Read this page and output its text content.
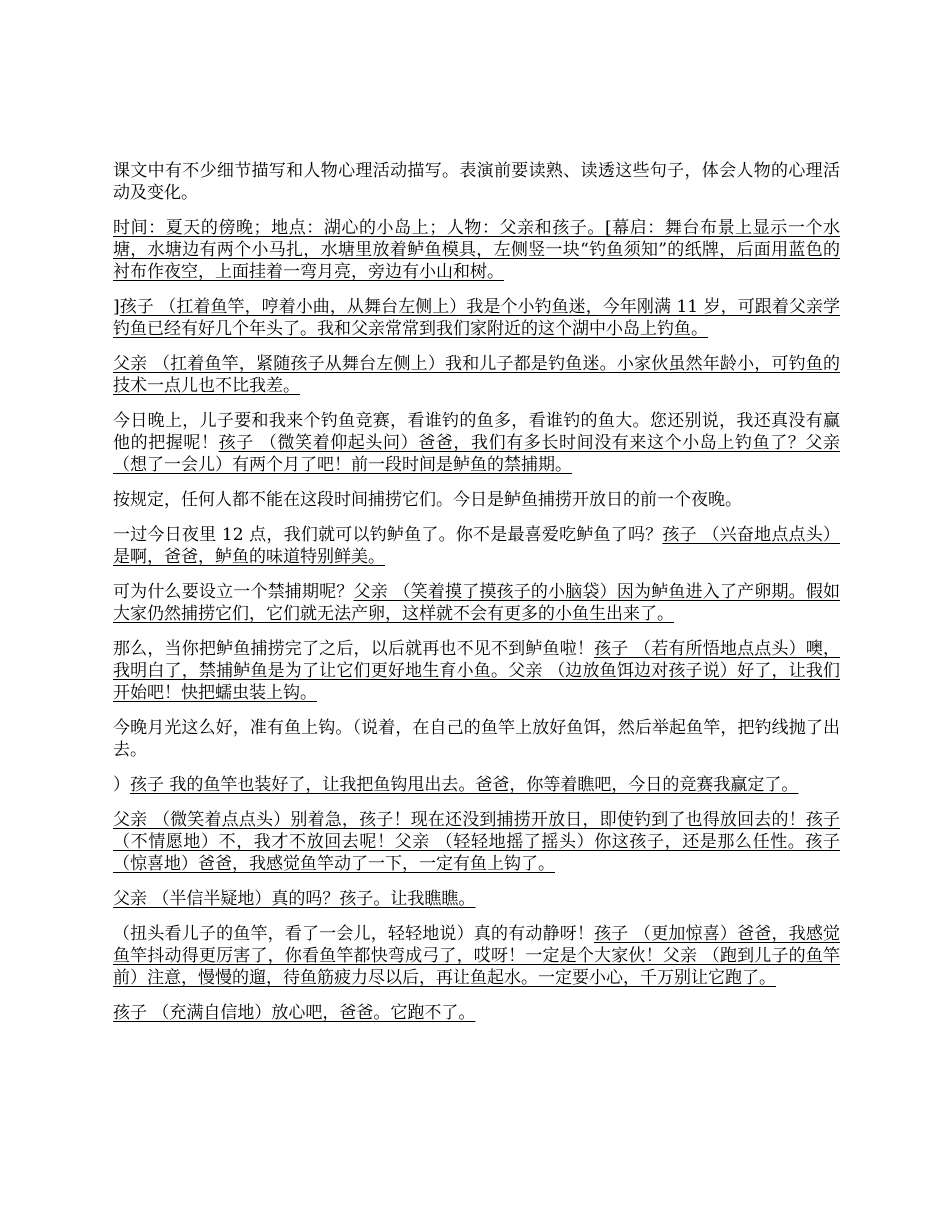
课文中有不少细节描写和人物心理活动描写。表演前要读熟、读透这些句子，体会人物的心理活动及变化。

时间：夏天的傍晚；地点：湖心的小岛上；人物：父亲和孩子。[幕启：舞台布景上显示一个水塘，水塘边有两个小马扎，水塘里放着鲈鱼模具，左侧竖一块“钓鱼须知”的纸牌，后面用蓝色的衬布作夜空，上面挂着一弯月亮，旁边有小山和树。

]孩子 （扛着鱼竿，哼着小曲，从舞台左侧上）我是个小钓鱼迷，今年刚满 11 岁，可跟着父亲学钓鱼已经有好几个年头了。我和父亲常常到我们家附近的这个湖中小岛上钓鱼。

父亲 （扛着鱼竿，紧随孩子从舞台左侧上）我和儿子都是钓鱼迷。小家伙虽然年龄小，可钓鱼的技术一点儿也不比我差。

今日晚上，儿子要和我来个钓鱼竞赛，看谁钓的鱼多，看谁钓的鱼大。您还别说，我还真没有赢他的把握呢！孩子 （微笑着仰起头问）爸爸，我们有多长时间没有来这个小岛上钓鱼了？父亲 （想了一会儿）有两个月了吧！前一段时间是鲈鱼的禁捕期。

按规定，任何人都不能在这段时间捕捞它们。今日是鲈鱼捕捞开放日的前一个夜晚。

一过今日夜里 12 点，我们就可以钓鲈鱼了。你不是最喜爱吃鲈鱼了吗？孩子 （兴奋地点点头）是啊，爸爸，鲈鱼的味道特别鲜美。

可为什么要设立一个禁捕期呢？父亲 （笑着摸了摸孩子的小脑袋）因为鲈鱼进入了产卵期。假如大家仍然捕捞它们，它们就无法产卵，这样就不会有更多的小鱼生出来了。

那么，当你把鲈鱼捕捞完了之后，以后就再也不见不到鲈鱼啦！孩子 （若有所悟地点点头）噢，我明白了，禁捕鲈鱼是为了让它们更好地生育小鱼。父亲 （边放鱼饵边对孩子说）好了，让我们开始吧！快把蠕虫装上钩。

今晚月光这么好，准有鱼上钩。（说着，在自己的鱼竿上放好鱼饵，然后举起鱼竿，把钓线抛了出去。

）孩子 我的鱼竿也装好了，让我把鱼钩甩出去。爸爸，你等着瞧吧，今日的竞赛我赢定了。

父亲 （微笑着点点头）别着急，孩子！现在还没到捕捞开放日，即使钓到了也得放回去的！孩子 （不情愿地）不，我才不放回去呢！父亲 （轻轻地摇了摇头）你这孩子，还是那么任性。孩子 （惊喜地）爸爸，我感觉鱼竿动了一下，一定有鱼上钩了。

父亲 （半信半疑地）真的吗？孩子。让我瞧瞧。

（扭头看儿子的鱼竿，看了一会儿，轻轻地说）真的有动静呀！孩子 （更加惊喜）爸爸，我感觉鱼竿抖动得更厉害了，你看鱼竿都快弯成弓了，哎呀！一定是个大家伙！父亲 （跑到儿子的鱼竿前）注意，慢慢的遛，待鱼筋疲力尽以后，再让鱼起水。一定要小心，千万别让它跑了。

孩子 （充满自信地）放心吧，爸爸。它跑不了。
